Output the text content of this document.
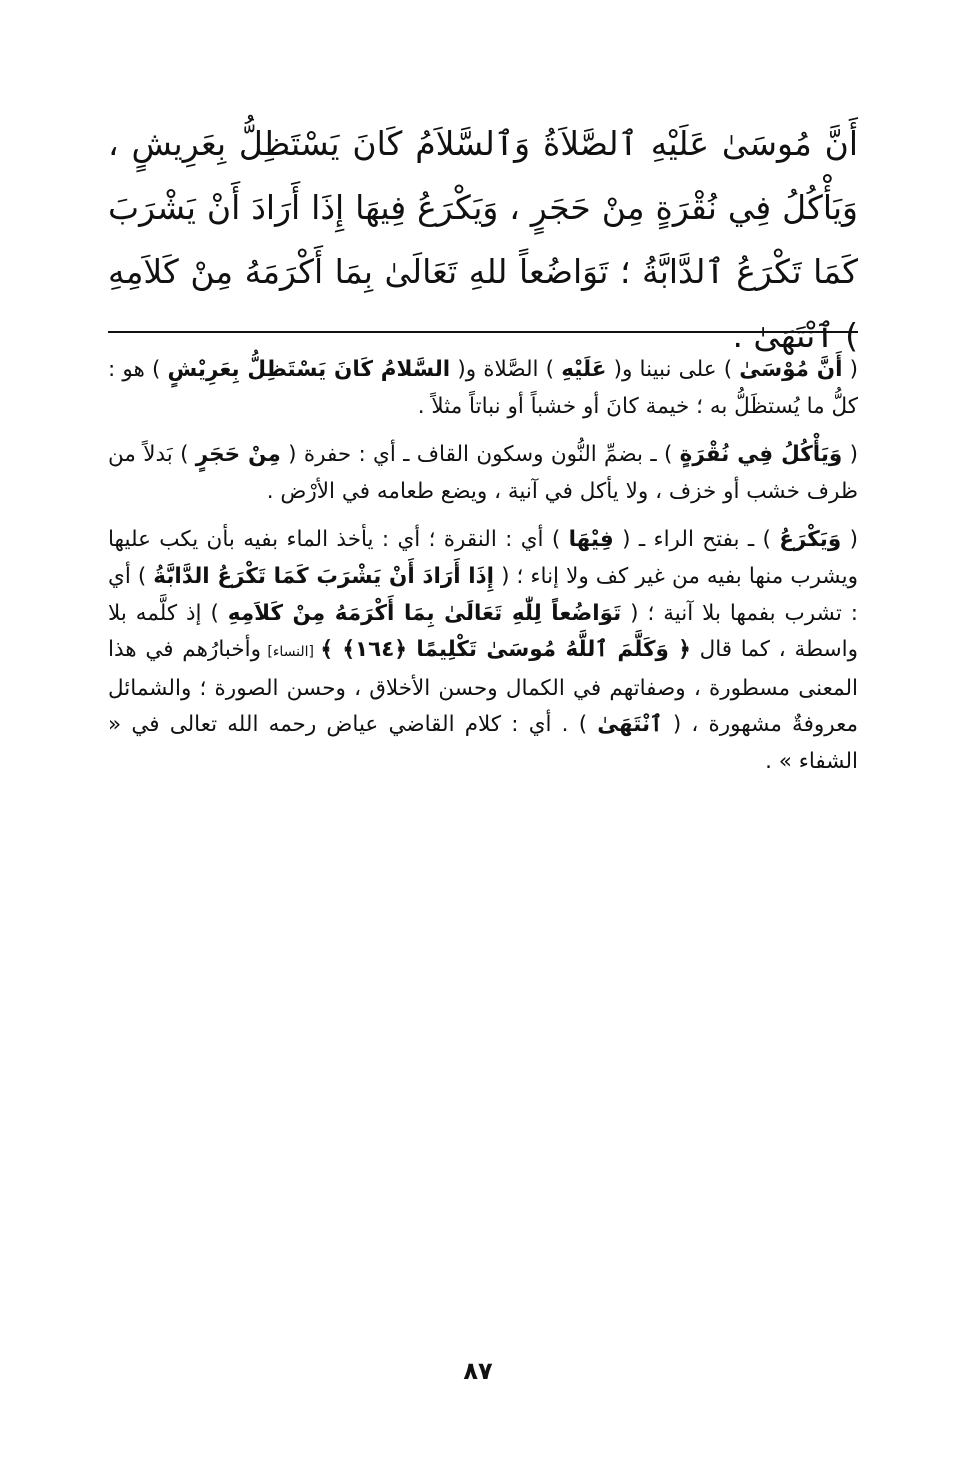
أَنَّ مُوسَىٰ عَلَيْهِ ٱلصَّلاَةُ وَٱلسَّلاَمُ كَانَ يَسْتَظِلُّ بِعَرِيشٍ ، وَيَأْكُلُ فِي نُقْرَةٍ مِنْ حَجَرٍ ، وَيَكْرَعُ فِيهَا إِذَا أَرَادَ أَنْ يَشْرَبَ كَمَا تَكْرَعُ ٱلدَّابَّةُ ؛ تَوَاضُعاً للهِ تَعَالَىٰ بِمَا أَكْرَمَهُ مِنْ كَلاَمِهِ ) ٱنْتَهَىٰ .

( أَنَّ مُوْسَىٰ ) على نبينا و( عَلَيْهِ ) الصَّلاة و( السَّلامُ كَانَ يَسْتَظِلُّ بِعَرِيْشٍ ) هو : كلُّ ما يُستظَلُّ به ؛ خيمة كانَ أو خشباً أو نباتاً مثلاً .

( وَيَأْكُلُ فِي نُقْرَةٍ ) ـ بضمِّ النُّون وسكون القاف ـ أي : حفرة ( مِنْ حَجَرٍ ) بَدلاً من ظرف خشب أو خزف ، ولا يأكل في آنية ، ويضع طعامه في الأرْض .

( وَيَكْرَعُ ) ـ بفتح الراء ـ ( فِيْهَا ) أي : النقرة ؛ أي : يأخذ الماء بفيه بأن يكب عليها ويشرب منها بفيه من غير كف ولا إناء ؛ ( إِذَا أَرَادَ أَنْ يَشْرَبَ كَمَا تَكْرَعُ الدَّابَّةُ ) أي : تشرب بفمها بلا آنية ؛ ( تَوَاضُعاً لِلّٰهِ تَعَالَىٰ بِمَا أَكْرَمَهُ مِنْ كَلاَمِهِ ) إذ كلَّمه بلا واسطة ، كما قال ﴿ وَكَلَّمَ ٱللَّهُ مُوسَىٰ تَكْلِيمًا ﴿١٦٤﴾ ﴾ [النساء] وأخبارُهم في هذا المعنى مسطورة ، وصفاتهم في الكمال وحسن الأخلاق ، وحسن الصورة ؛ والشمائل معروفةٌ مشهورة ، ( ٱنْتَهَىٰ ) . أي : كلام القاضي عياض رحمه الله تعالى في « الشفاء » .

٨٧
